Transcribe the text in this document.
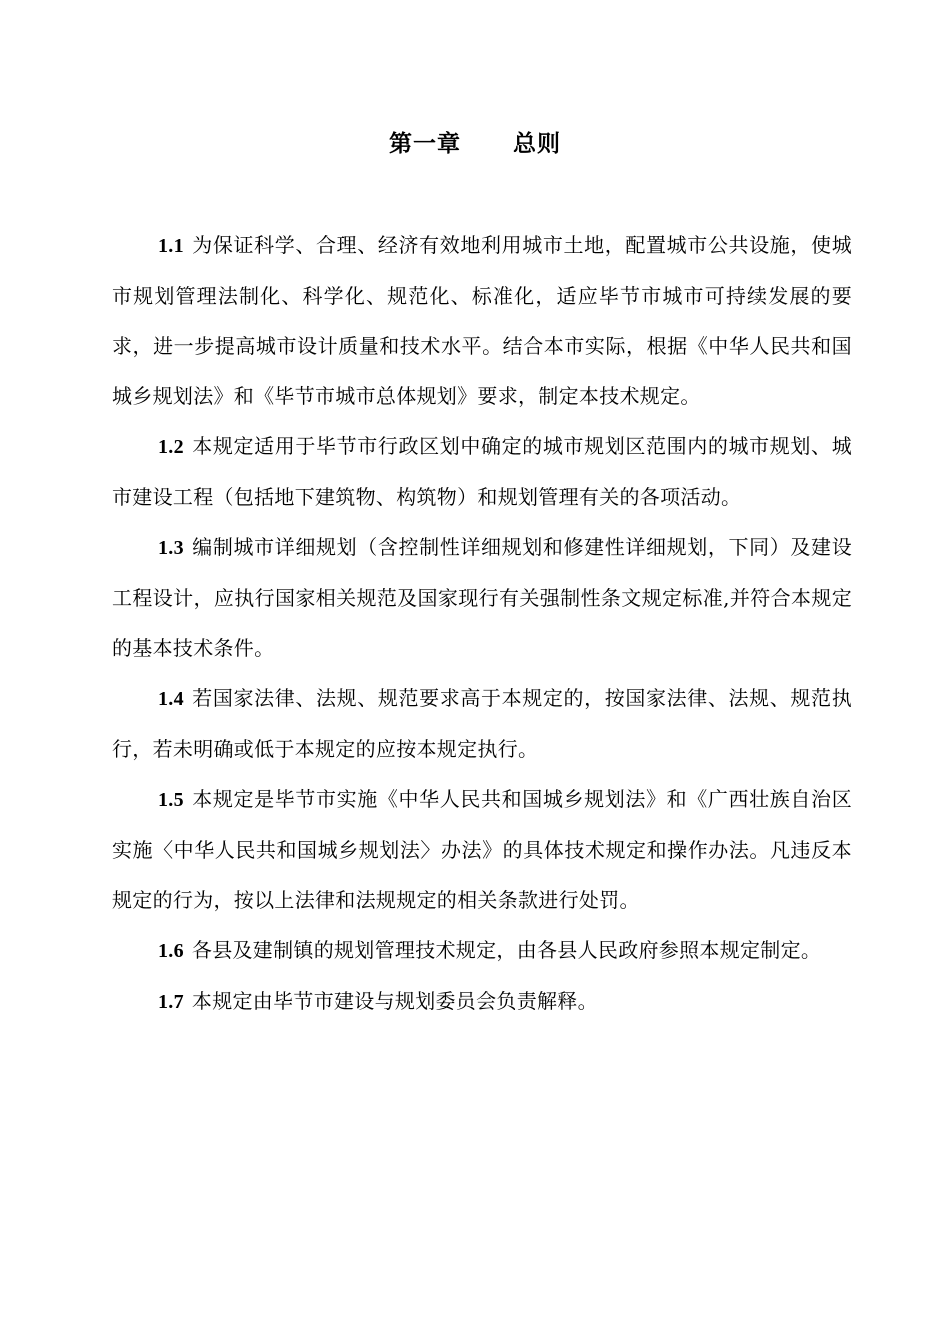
第一章 总则

1.1 为保证科学、合理、经济有效地利用城市土地，配置城市公共设施，使城市规划管理法制化、科学化、规范化、标准化，适应毕节市城市可持续发展的要求，进一步提高城市设计质量和技术水平。结合本市实际，根据《中华人民共和国城乡规划法》和《毕节市城市总体规划》要求，制定本技术规定。

1.2 本规定适用于毕节市行政区划中确定的城市规划区范围内的城市规划、城市建设工程（包括地下建筑物、构筑物）和规划管理有关的各项活动。

1.3 编制城市详细规划（含控制性详细规划和修建性详细规划，下同）及建设工程设计，应执行国家相关规范及国家现行有关强制性条文规定标准,并符合本规定的基本技术条件。

1.4 若国家法律、法规、规范要求高于本规定的，按国家法律、法规、规范执行，若未明确或低于本规定的应按本规定执行。

1.5 本规定是毕节市实施《中华人民共和国城乡规划法》和《广西壮族自治区实施〈中华人民共和国城乡规划法〉办法》的具体技术规定和操作办法。凡违反本规定的行为，按以上法律和法规规定的相关条款进行处罚。

1.6 各县及建制镇的规划管理技术规定，由各县人民政府参照本规定制定。

1.7 本规定由毕节市建设与规划委员会负责解释。
